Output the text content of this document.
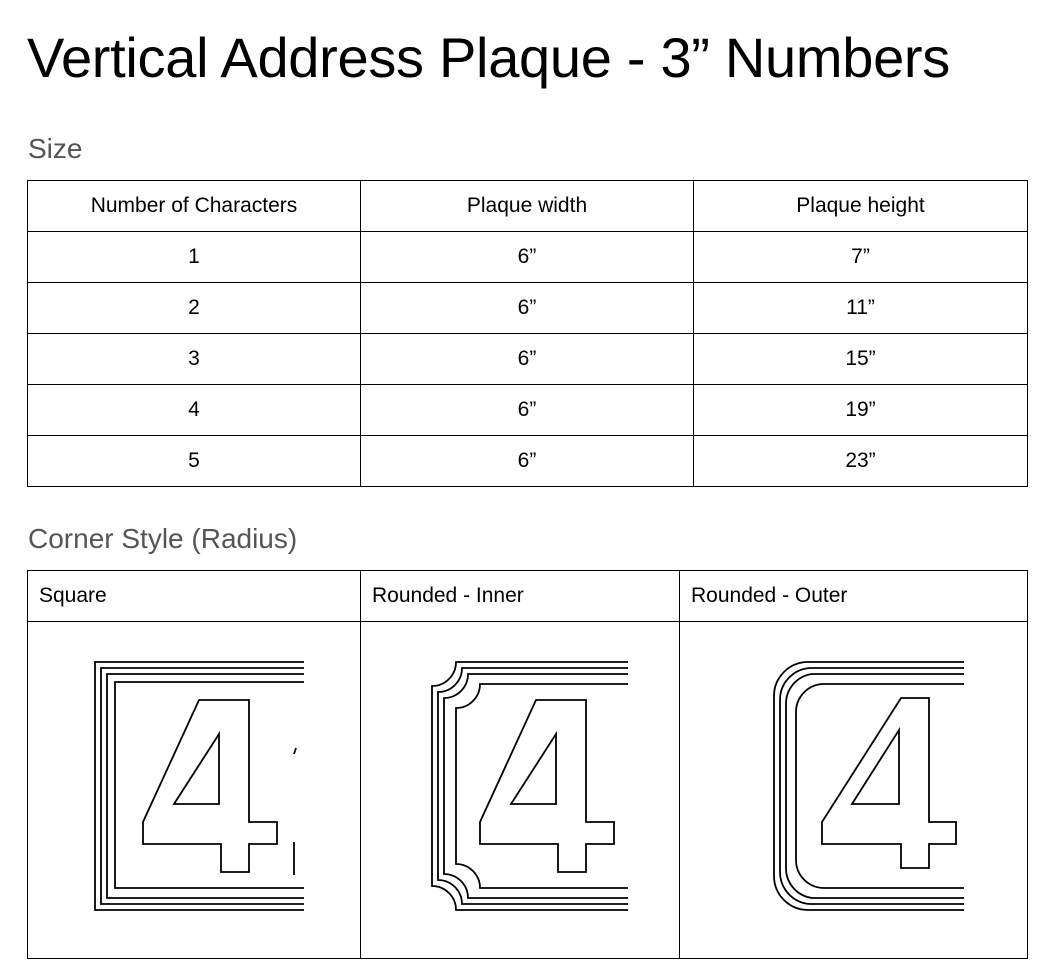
Vertical Address Plaque - 3” Numbers
Size
Number of Characters	Plaque width	Plaque height
1	6”	7”
2	6”	11”
3	6”	15”
4	6”	19”
5	6”	23”
Corner Style (Radius)
Square	Rounded - Inner	Rounded - Outer
